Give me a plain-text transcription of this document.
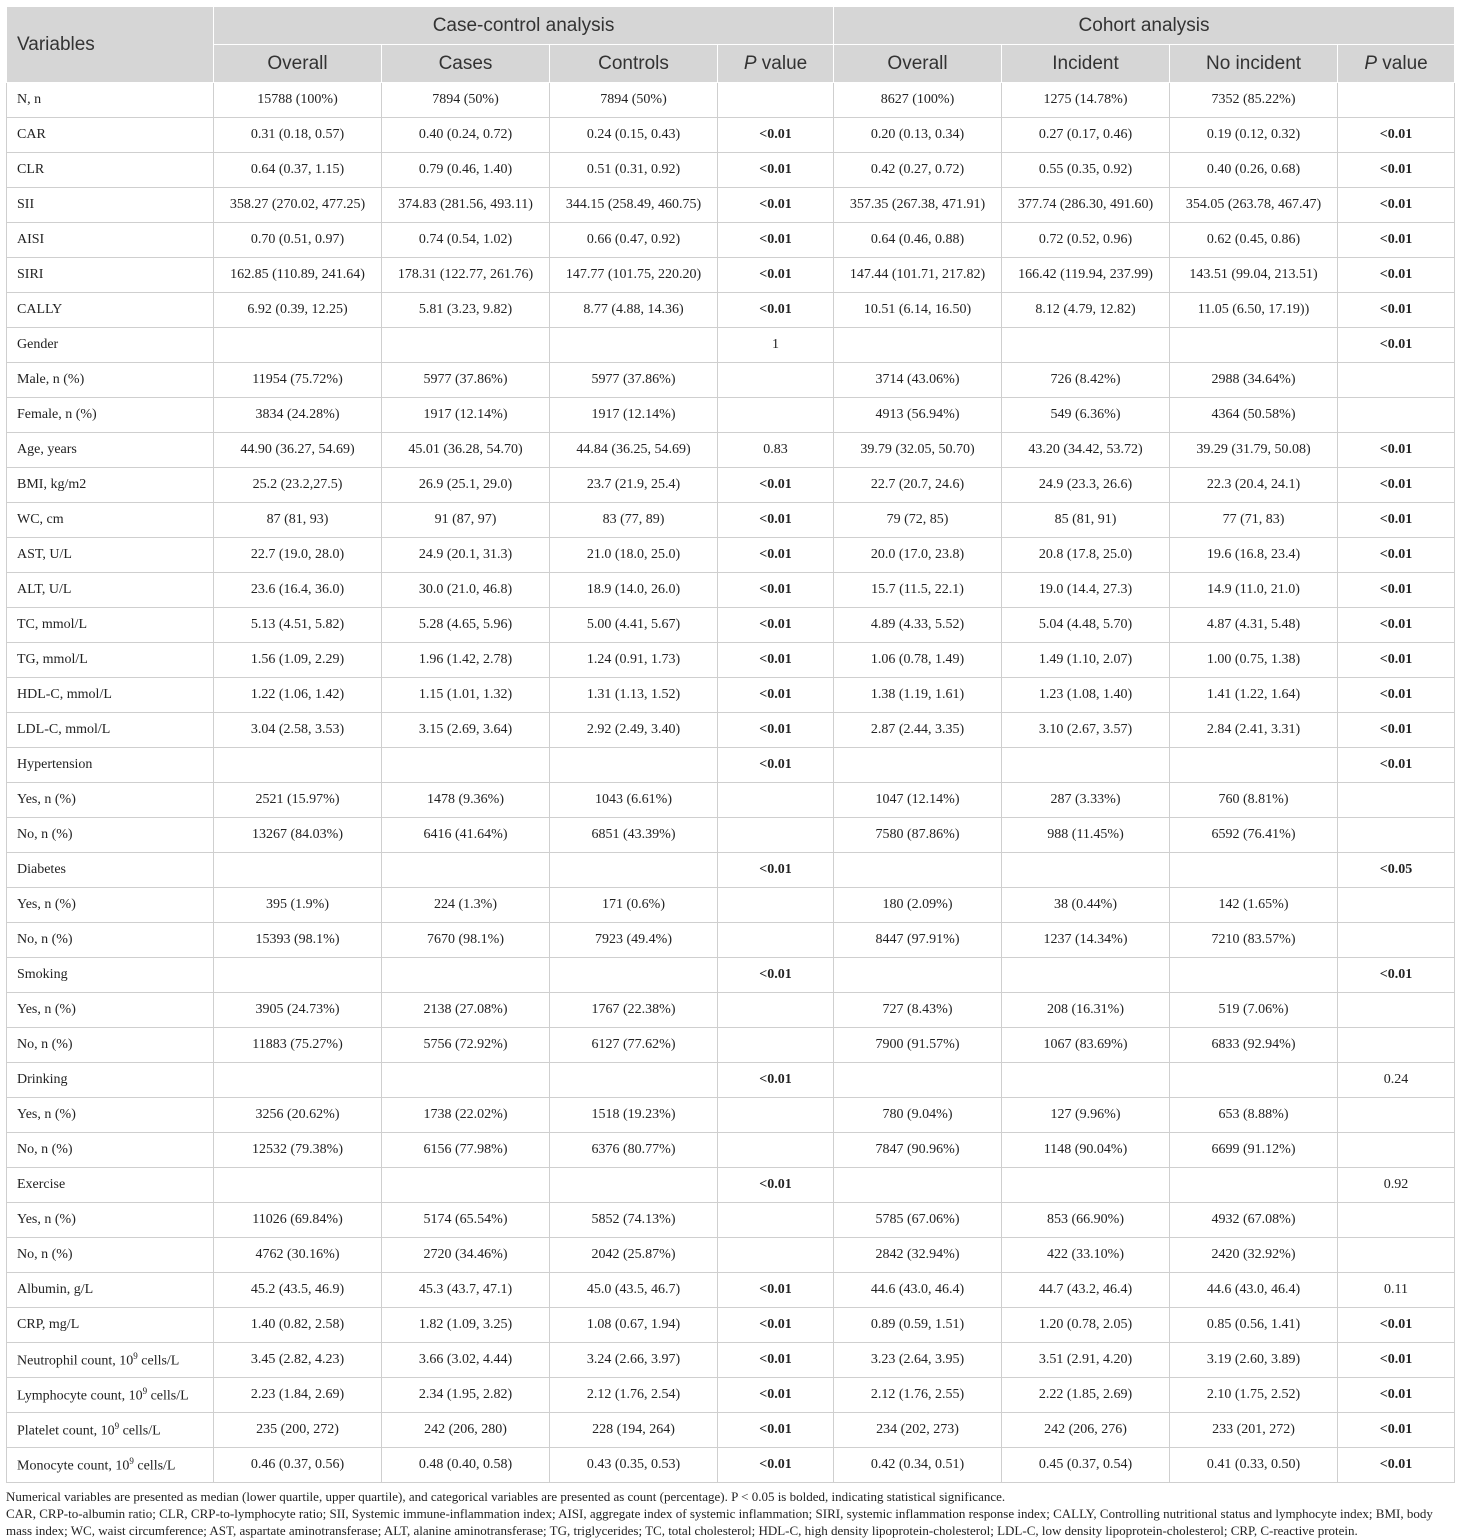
Variables	Case-control analysis				Cohort analysis			
	Overall	Cases	Controls	P value	Overall	Incident	No incident	P value
N, n	15788 (100%)	7894 (50%)	7894 (50%)		8627 (100%)	1275 (14.78%)	7352 (85.22%)	
CAR	0.31 (0.18, 0.57)	0.40 (0.24, 0.72)	0.24 (0.15, 0.43)	<0.01	0.20 (0.13, 0.34)	0.27 (0.17, 0.46)	0.19 (0.12, 0.32)	<0.01
CLR	0.64 (0.37, 1.15)	0.79 (0.46, 1.40)	0.51 (0.31, 0.92)	<0.01	0.42 (0.27, 0.72)	0.55 (0.35, 0.92)	0.40 (0.26, 0.68)	<0.01
SII	358.27 (270.02, 477.25)	374.83 (281.56, 493.11)	344.15 (258.49, 460.75)	<0.01	357.35 (267.38, 471.91)	377.74 (286.30, 491.60)	354.05 (263.78, 467.47)	<0.01
AISI	0.70 (0.51, 0.97)	0.74 (0.54, 1.02)	0.66 (0.47, 0.92)	<0.01	0.64 (0.46, 0.88)	0.72 (0.52, 0.96)	0.62 (0.45, 0.86)	<0.01
SIRI	162.85 (110.89, 241.64)	178.31 (122.77, 261.76)	147.77 (101.75, 220.20)	<0.01	147.44 (101.71, 217.82)	166.42 (119.94, 237.99)	143.51 (99.04, 213.51)	<0.01
CALLY	6.92 (0.39, 12.25)	5.81 (3.23, 9.82)	8.77 (4.88, 14.36)	<0.01	10.51 (6.14, 16.50)	8.12 (4.79, 12.82)	11.05 (6.50, 17.19))	<0.01
Gender				1				<0.01
Male, n (%)	11954 (75.72%)	5977 (37.86%)	5977 (37.86%)		3714 (43.06%)	726 (8.42%)	2988 (34.64%)	
Female, n (%)	3834 (24.28%)	1917 (12.14%)	1917 (12.14%)		4913 (56.94%)	549 (6.36%)	4364 (50.58%)	
Age, years	44.90 (36.27, 54.69)	45.01 (36.28, 54.70)	44.84 (36.25, 54.69)	0.83	39.79 (32.05, 50.70)	43.20 (34.42, 53.72)	39.29 (31.79, 50.08)	<0.01
BMI, kg/m2	25.2 (23.2,27.5)	26.9 (25.1, 29.0)	23.7 (21.9, 25.4)	<0.01	22.7 (20.7, 24.6)	24.9 (23.3, 26.6)	22.3 (20.4, 24.1)	<0.01
WC, cm	87 (81, 93)	91 (87, 97)	83 (77, 89)	<0.01	79 (72, 85)	85 (81, 91)	77 (71, 83)	<0.01
AST, U/L	22.7 (19.0, 28.0)	24.9 (20.1, 31.3)	21.0 (18.0, 25.0)	<0.01	20.0 (17.0, 23.8)	20.8 (17.8, 25.0)	19.6 (16.8, 23.4)	<0.01
ALT, U/L	23.6 (16.4, 36.0)	30.0 (21.0, 46.8)	18.9 (14.0, 26.0)	<0.01	15.7 (11.5, 22.1)	19.0 (14.4, 27.3)	14.9 (11.0, 21.0)	<0.01
TC, mmol/L	5.13 (4.51, 5.82)	5.28 (4.65, 5.96)	5.00 (4.41, 5.67)	<0.01	4.89 (4.33, 5.52)	5.04 (4.48, 5.70)	4.87 (4.31, 5.48)	<0.01
TG, mmol/L	1.56 (1.09, 2.29)	1.96 (1.42, 2.78)	1.24 (0.91, 1.73)	<0.01	1.06 (0.78, 1.49)	1.49 (1.10, 2.07)	1.00 (0.75, 1.38)	<0.01
HDL-C, mmol/L	1.22 (1.06, 1.42)	1.15 (1.01, 1.32)	1.31 (1.13, 1.52)	<0.01	1.38 (1.19, 1.61)	1.23 (1.08, 1.40)	1.41 (1.22, 1.64)	<0.01
LDL-C, mmol/L	3.04 (2.58, 3.53)	3.15 (2.69, 3.64)	2.92 (2.49, 3.40)	<0.01	2.87 (2.44, 3.35)	3.10 (2.67, 3.57)	2.84 (2.41, 3.31)	<0.01
Hypertension				<0.01				<0.01
Yes, n (%)	2521 (15.97%)	1478 (9.36%)	1043 (6.61%)		1047 (12.14%)	287 (3.33%)	760 (8.81%)	
No, n (%)	13267 (84.03%)	6416 (41.64%)	6851 (43.39%)		7580 (87.86%)	988 (11.45%)	6592 (76.41%)	
Diabetes				<0.01				<0.05
Yes, n (%)	395 (1.9%)	224 (1.3%)	171 (0.6%)		180 (2.09%)	38 (0.44%)	142 (1.65%)	
No, n (%)	15393 (98.1%)	7670 (98.1%)	7923 (49.4%)		8447 (97.91%)	1237 (14.34%)	7210 (83.57%)	
Smoking				<0.01				<0.01
Yes, n (%)	3905 (24.73%)	2138 (27.08%)	1767 (22.38%)		727 (8.43%)	208 (16.31%)	519 (7.06%)	
No, n (%)	11883 (75.27%)	5756 (72.92%)	6127 (77.62%)		7900 (91.57%)	1067 (83.69%)	6833 (92.94%)	
Drinking				<0.01				0.24
Yes, n (%)	3256 (20.62%)	1738 (22.02%)	1518 (19.23%)		780 (9.04%)	127 (9.96%)	653 (8.88%)	
No, n (%)	12532 (79.38%)	6156 (77.98%)	6376 (80.77%)		7847 (90.96%)	1148 (90.04%)	6699 (91.12%)	
Exercise				<0.01				0.92
Yes, n (%)	11026 (69.84%)	5174 (65.54%)	5852 (74.13%)		5785 (67.06%)	853 (66.90%)	4932 (67.08%)	
No, n (%)	4762 (30.16%)	2720 (34.46%)	2042 (25.87%)		2842 (32.94%)	422 (33.10%)	2420 (32.92%)	
Albumin, g/L	45.2 (43.5, 46.9)	45.3 (43.7, 47.1)	45.0 (43.5, 46.7)	<0.01	44.6 (43.0, 46.4)	44.7 (43.2, 46.4)	44.6 (43.0, 46.4)	0.11
CRP, mg/L	1.40 (0.82, 2.58)	1.82 (1.09, 3.25)	1.08 (0.67, 1.94)	<0.01	0.89 (0.59, 1.51)	1.20 (0.78, 2.05)	0.85 (0.56, 1.41)	<0.01
Neutrophil count, $10^9$ cells/L	3.45 (2.82, 4.23)	3.66 (3.02, 4.44)	3.24 (2.66, 3.97)	<0.01	3.23 (2.64, 3.95)	3.51 (2.91, 4.20)	3.19 (2.60, 3.89)	<0.01
Lymphocyte count, $10^9$ cells/L	2.23 (1.84, 2.69)	2.34 (1.95, 2.82)	2.12 (1.76, 2.54)	<0.01	2.12 (1.76, 2.55)	2.22 (1.85, 2.69)	2.10 (1.75, 2.52)	<0.01
Platelet count, $10^9$ cells/L	235 (200, 272)	242 (206, 280)	228 (194, 264)	<0.01	234 (202, 273)	242 (206, 276)	233 (201, 272)	<0.01
Monocyte count, $10^9$ cells/L	0.46 (0.37, 0.56)	0.48 (0.40, 0.58)	0.43 (0.35, 0.53)	<0.01	0.42 (0.34, 0.51)	0.45 (0.37, 0.54)	0.41 (0.33, 0.50)	<0.01

Numerical variables are presented as median (lower quartile, upper quartile), and categorical variables are presented as count (percentage). P < 0.05 is bolded, indicating statistical significance.

CAR, CRP-to-albumin ratio; CLR, CRP-to-lymphocyte ratio; SII, Systemic immune-inflammation index; AISI, aggregate index of systemic inflammation; SIRI, systemic inflammation response index; CALLY, Controlling nutritional status and lymphocyte index; BMI, body mass index; WC, waist circumference; AST, aspartate aminotransferase; ALT, alanine aminotransferase; TG, triglycerides; TC, total cholesterol; HDL-C, high density lipoprotein-cholesterol; LDL-C, low density lipoprotein-cholesterol; CRP, C-reactive protein.
